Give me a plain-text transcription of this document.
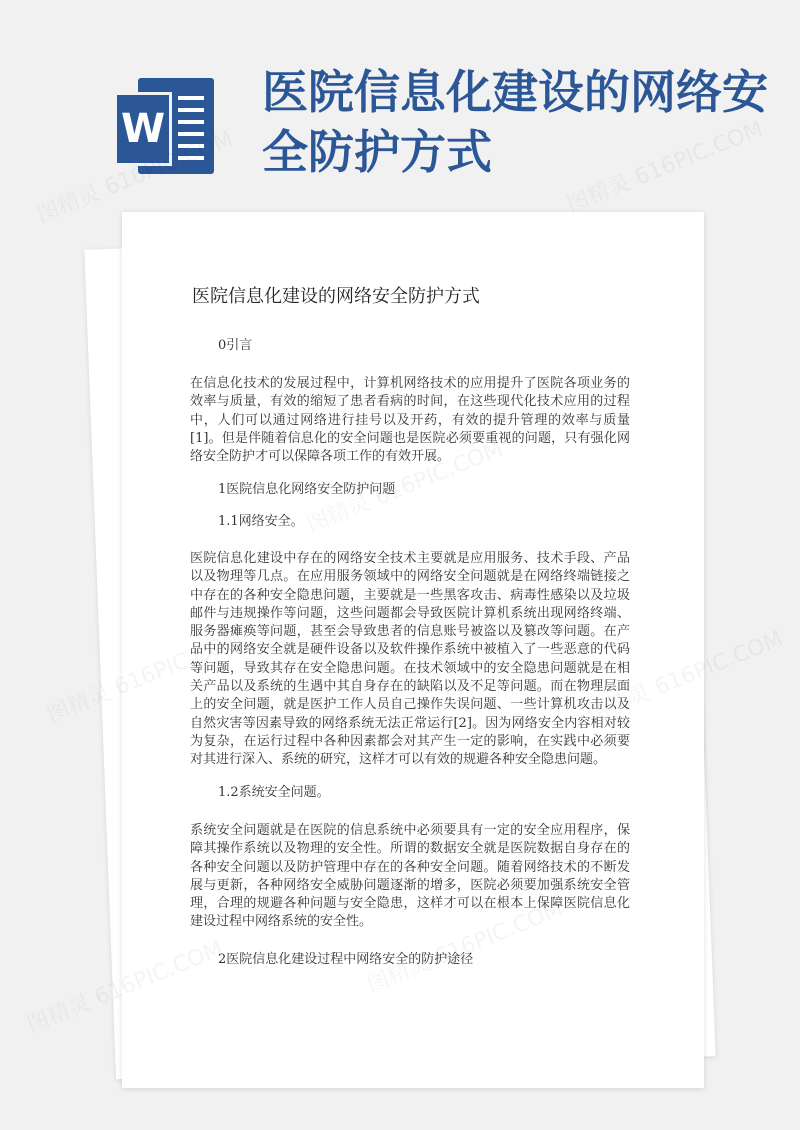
W
医院信息化建设的网络安全防护方式
医院信息化建设的网络安全防护方式

0引言

在信息化技术的发展过程中，计算机网络技术的应用提升了医院各项业务的效率与质量，有效的缩短了患者看病的时间，在这些现代化技术应用的过程中，人们可以通过网络进行挂号以及开药，有效的提升管理的效率与质量[1]。但是伴随着信息化的安全问题也是医院必须要重视的问题，只有强化网络安全防护才可以保障各项工作的有效开展。

1医院信息化网络安全防护问题

1.1网络安全。

医院信息化建设中存在的网络安全技术主要就是应用服务、技术手段、产品以及物理等几点。在应用服务领域中的网络安全问题就是在网络终端链接之中存在的各种安全隐患问题，主要就是一些黑客攻击、病毒性感染以及垃圾邮件与违规操作等问题，这些问题都会导致医院计算机系统出现网络终端、服务器瘫痪等问题，甚至会导致患者的信息账号被盗以及篡改等问题。在产品中的网络安全就是硬件设备以及软件操作系统中被植入了一些恶意的代码等问题，导致其存在安全隐患问题。在技术领域中的安全隐患问题就是在相关产品以及系统的生遇中其自身存在的缺陷以及不足等问题。而在物理层面上的安全问题，就是医护工作人员自己操作失误问题、一些计算机攻击以及自然灾害等因素导致的网络系统无法正常运行[2]。因为网络安全内容相对较为复杂，在运行过程中各种因素都会对其产生一定的影响，在实践中必须要对其进行深入、系统的研究，这样才可以有效的规避各种安全隐患问题。

1.2系统安全问题。

系统安全问题就是在医院的信息系统中必须要具有一定的安全应用程序，保障其操作系统以及物理的安全性。所谓的数据安全就是医院数据自身存在的各种安全问题以及防护管理中存在的各种安全问题。随着网络技术的不断发展与更新，各种网络安全威胁问题逐渐的增多，医院必须要加强系统安全管理，合理的规避各种问题与安全隐患，这样才可以在根本上保障医院信息化建设过程中网络系统的安全性。

2医院信息化建设过程中网络安全的防护途径
